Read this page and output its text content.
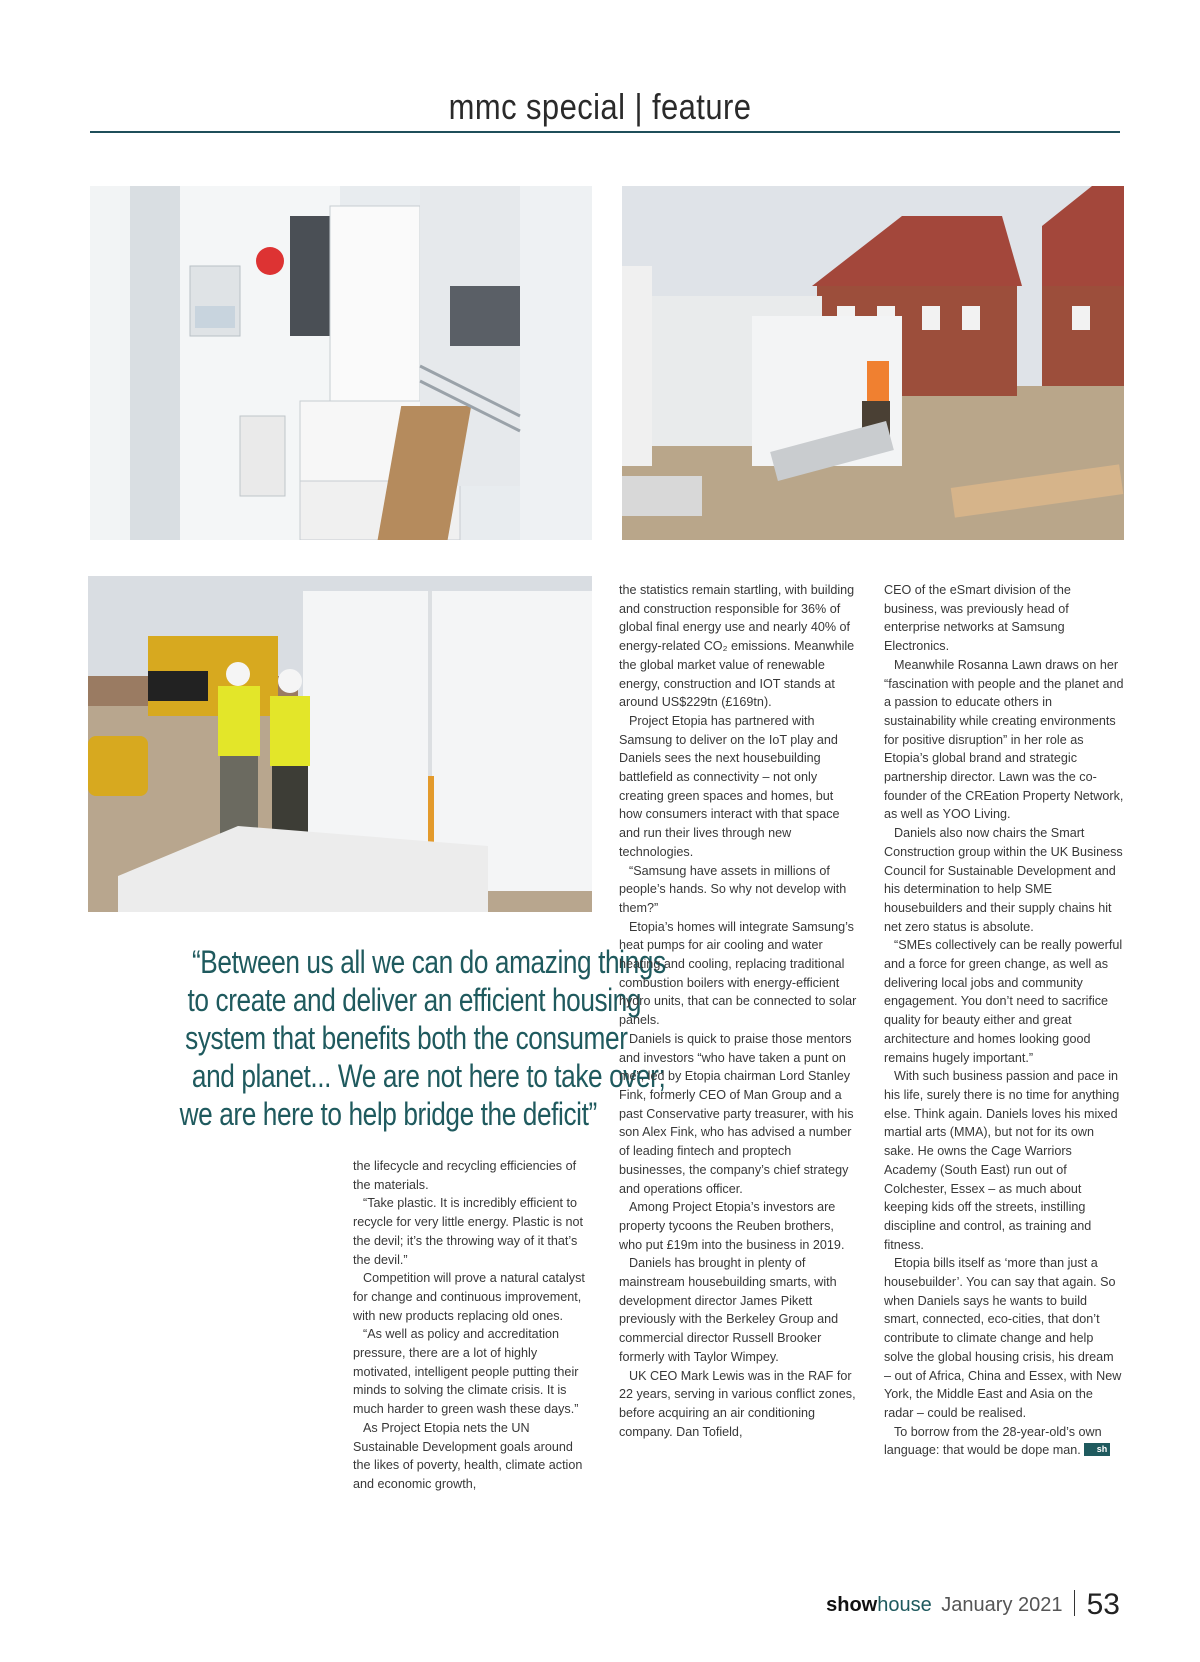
mmc special | feature
“Between us all we can do amazing things
to create and deliver an efficient housing
system that benefits both the consumer
and planet... We are not here to take over;
we are here to help bridge the deficit”

the lifecycle and recycling efficiencies of the materials.

“Take plastic. It is incredibly efficient to recycle for very little energy. Plastic is not the devil; it’s the throwing way of it that’s the devil.”

Competition will prove a natural catalyst for change and continuous improvement, with new products replacing old ones.

“As well as policy and accreditation pressure, there are a lot of highly motivated, intelligent people putting their minds to solving the climate crisis. It is much harder to green wash these days.”

As Project Etopia nets the UN Sustainable Development goals around the likes of poverty, health, climate action and economic growth,

the statistics remain startling, with building and construction responsible for 36% of global final energy use and nearly 40% of energy-related CO₂ emissions. Meanwhile the global market value of renewable energy, construction and IOT stands at around US$229tn (£169tn).

Project Etopia has partnered with Samsung to deliver on the IoT play and Daniels sees the next housebuilding battlefield as connectivity – not only creating green spaces and homes, but how consumers interact with that space and run their lives through new technologies.

“Samsung have assets in millions of people’s hands. So why not develop with them?”

Etopia’s homes will integrate Samsung’s heat pumps for air cooling and water heating and cooling, replacing traditional combustion boilers with energy-efficient hydro units, that can be connected to solar panels.

Daniels is quick to praise those mentors and investors “who have taken a punt on me”, led by Etopia chairman Lord Stanley Fink, formerly CEO of Man Group and a past Conservative party treasurer, with his son Alex Fink, who has advised a number of leading fintech and proptech businesses, the company’s chief strategy and operations officer.

Among Project Etopia’s investors are property tycoons the Reuben brothers, who put £19m into the business in 2019.

Daniels has brought in plenty of mainstream housebuilding smarts, with development director James Pikett previously with the Berkeley Group and commercial director Russell Brooker formerly with Taylor Wimpey.

UK CEO Mark Lewis was in the RAF for 22 years, serving in various conflict zones, before acquiring an air conditioning company. Dan Tofield,

CEO of the eSmart division of the business, was previously head of enterprise networks at Samsung Electronics.

Meanwhile Rosanna Lawn draws on her “fascination with people and the planet and a passion to educate others in sustainability while creating environments for positive disruption” in her role as Etopia’s global brand and strategic partnership director. Lawn was the co-founder of the CREation Property Network, as well as YOO Living.

Daniels also now chairs the Smart Construction group within the UK Business Council for Sustainable Development and his determination to help SME housebuilders and their supply chains hit net zero status is absolute.

“SMEs collectively can be really powerful and a force for green change, as well as delivering local jobs and community engagement. You don’t need to sacrifice quality for beauty either and great architecture and homes looking good remains hugely important.”

With such business passion and pace in his life, surely there is no time for anything else. Think again. Daniels loves his mixed martial arts (MMA), but not for its own sake. He owns the Cage Warriors Academy (South East) run out of Colchester, Essex – as much about keeping kids off the streets, instilling discipline and control, as training and fitness.

Etopia bills itself as ‘more than just a housebuilder’. You can say that again. So when Daniels says he wants to build smart, connected, eco-cities, that don’t contribute to climate change and help solve the global housing crisis, his dream – out of Africa, China and Essex, with New York, the Middle East and Asia on the radar – could be realised.

To borrow from the 28-year-old’s own language: that would be dope man. sh

showhouse January 2021 53
